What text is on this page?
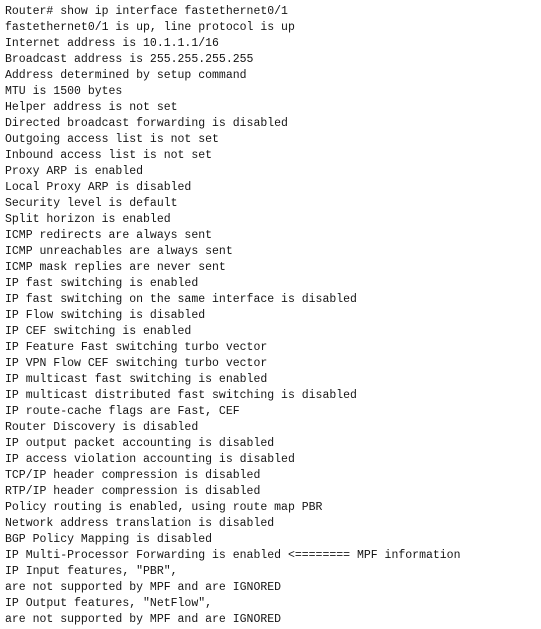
Router# show ip interface fastethernet0/1
fastethernet0/1 is up, line protocol is up
Internet address is 10.1.1.1/16
Broadcast address is 255.255.255.255
Address determined by setup command
MTU is 1500 bytes
Helper address is not set
Directed broadcast forwarding is disabled
Outgoing access list is not set
Inbound access list is not set
Proxy ARP is enabled
Local Proxy ARP is disabled
Security level is default
Split horizon is enabled
ICMP redirects are always sent
ICMP unreachables are always sent
ICMP mask replies are never sent
IP fast switching is enabled
IP fast switching on the same interface is disabled
IP Flow switching is disabled
IP CEF switching is enabled
IP Feature Fast switching turbo vector
IP VPN Flow CEF switching turbo vector
IP multicast fast switching is enabled
IP multicast distributed fast switching is disabled
IP route-cache flags are Fast, CEF
Router Discovery is disabled
IP output packet accounting is disabled
IP access violation accounting is disabled
TCP/IP header compression is disabled
RTP/IP header compression is disabled
Policy routing is enabled, using route map PBR
Network address translation is disabled
BGP Policy Mapping is disabled
IP Multi-Processor Forwarding is enabled <======== MPF information
IP Input features, "PBR",
are not supported by MPF and are IGNORED
IP Output features, "NetFlow",
are not supported by MPF and are IGNORED
